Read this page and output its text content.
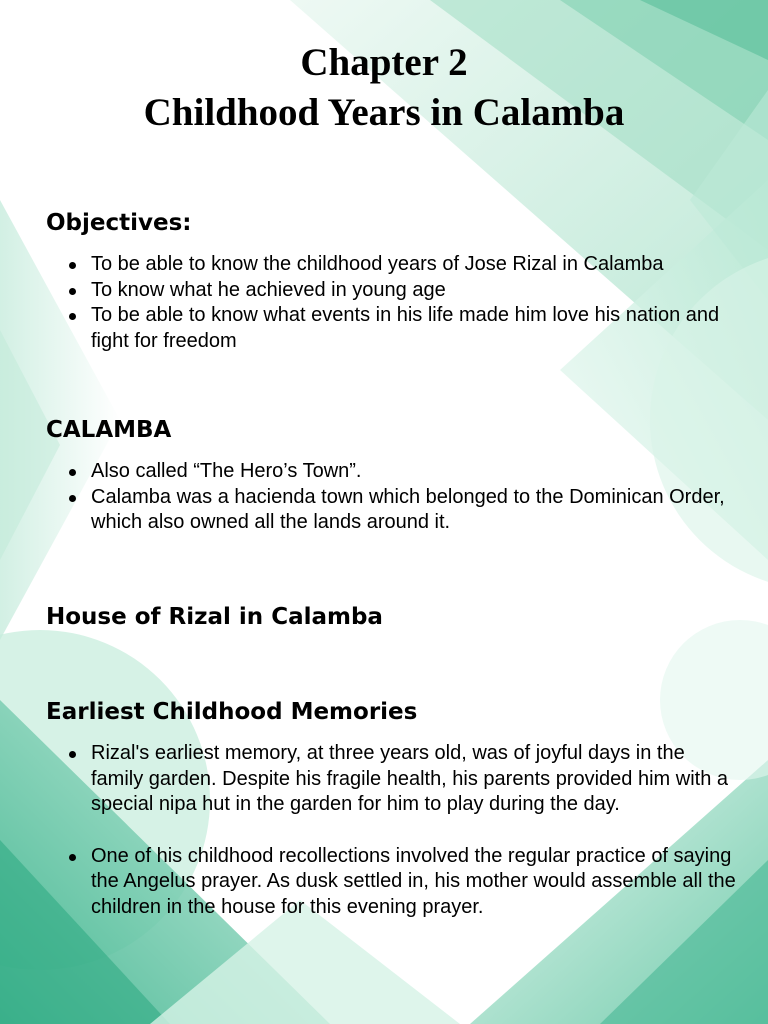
Chapter 2
Childhood Years in Calamba
Objectives:
To be able to know the childhood years of Jose Rizal in Calamba
To know what he achieved in young age
To be able to know what events in his life made him love his nation and fight for freedom
CALAMBA
Also called “The Hero’s Town”.
Calamba was a hacienda town which belonged to the Dominican Order, which also owned all the lands around it.
House of Rizal in Calamba
Earliest Childhood Memories
Rizal's earliest memory, at three years old, was of joyful days in the family garden. Despite his fragile health, his parents provided him with a special nipa hut in the garden for him to play during the day.
One of his childhood recollections involved the regular practice of saying the Angelus prayer. As dusk settled in, his mother would assemble all the children in the house for this evening prayer.
